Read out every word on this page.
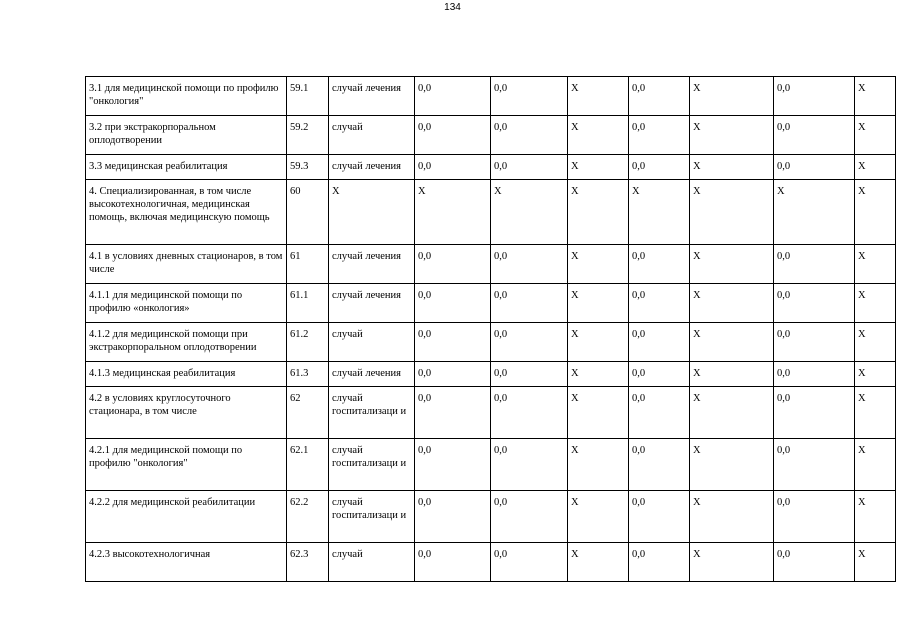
134
3.1 для медицинской помощи по профилю "онкология"	59.1	случай лечения	0,0	0,0	X	0,0	X	0,0	X
3.2 при экстракорпоральном оплодотворении	59.2	случай	0,0	0,0	X	0,0	X	0,0	X
3.3 медицинская реабилитация	59.3	случай лечения	0,0	0,0	X	0,0	X	0,0	X
4. Специализированная, в том числе высокотехнологичная, медицинская помощь, включая медицинскую помощь	60	X	X	X	X	X	X	X	X
4.1 в условиях дневных стационаров, в том числе	61	случай лечения	0,0	0,0	X	0,0	X	0,0	X
4.1.1 для медицинской помощи по профилю «онкология»	61.1	случай лечения	0,0	0,0	X	0,0	X	0,0	X
4.1.2 для медицинской помощи при экстракорпоральном оплодотворении	61.2	случай	0,0	0,0	X	0,0	X	0,0	X
4.1.3 медицинская реабилитация	61.3	случай лечения	0,0	0,0	X	0,0	X	0,0	X
4.2 в условиях круглосуточного стационара, в том числе	62	случай госпитализаци и	0,0	0,0	X	0,0	X	0,0	X
4.2.1 для медицинской помощи по профилю "онкология"	62.1	случай госпитализаци и	0,0	0,0	X	0,0	X	0,0	X
4.2.2 для медицинской реабилитации	62.2	случай госпитализаци и	0,0	0,0	X	0,0	X	0,0	X
4.2.3 высокотехнологичная	62.3	случай	0,0	0,0	X	0,0	X	0,0	X
